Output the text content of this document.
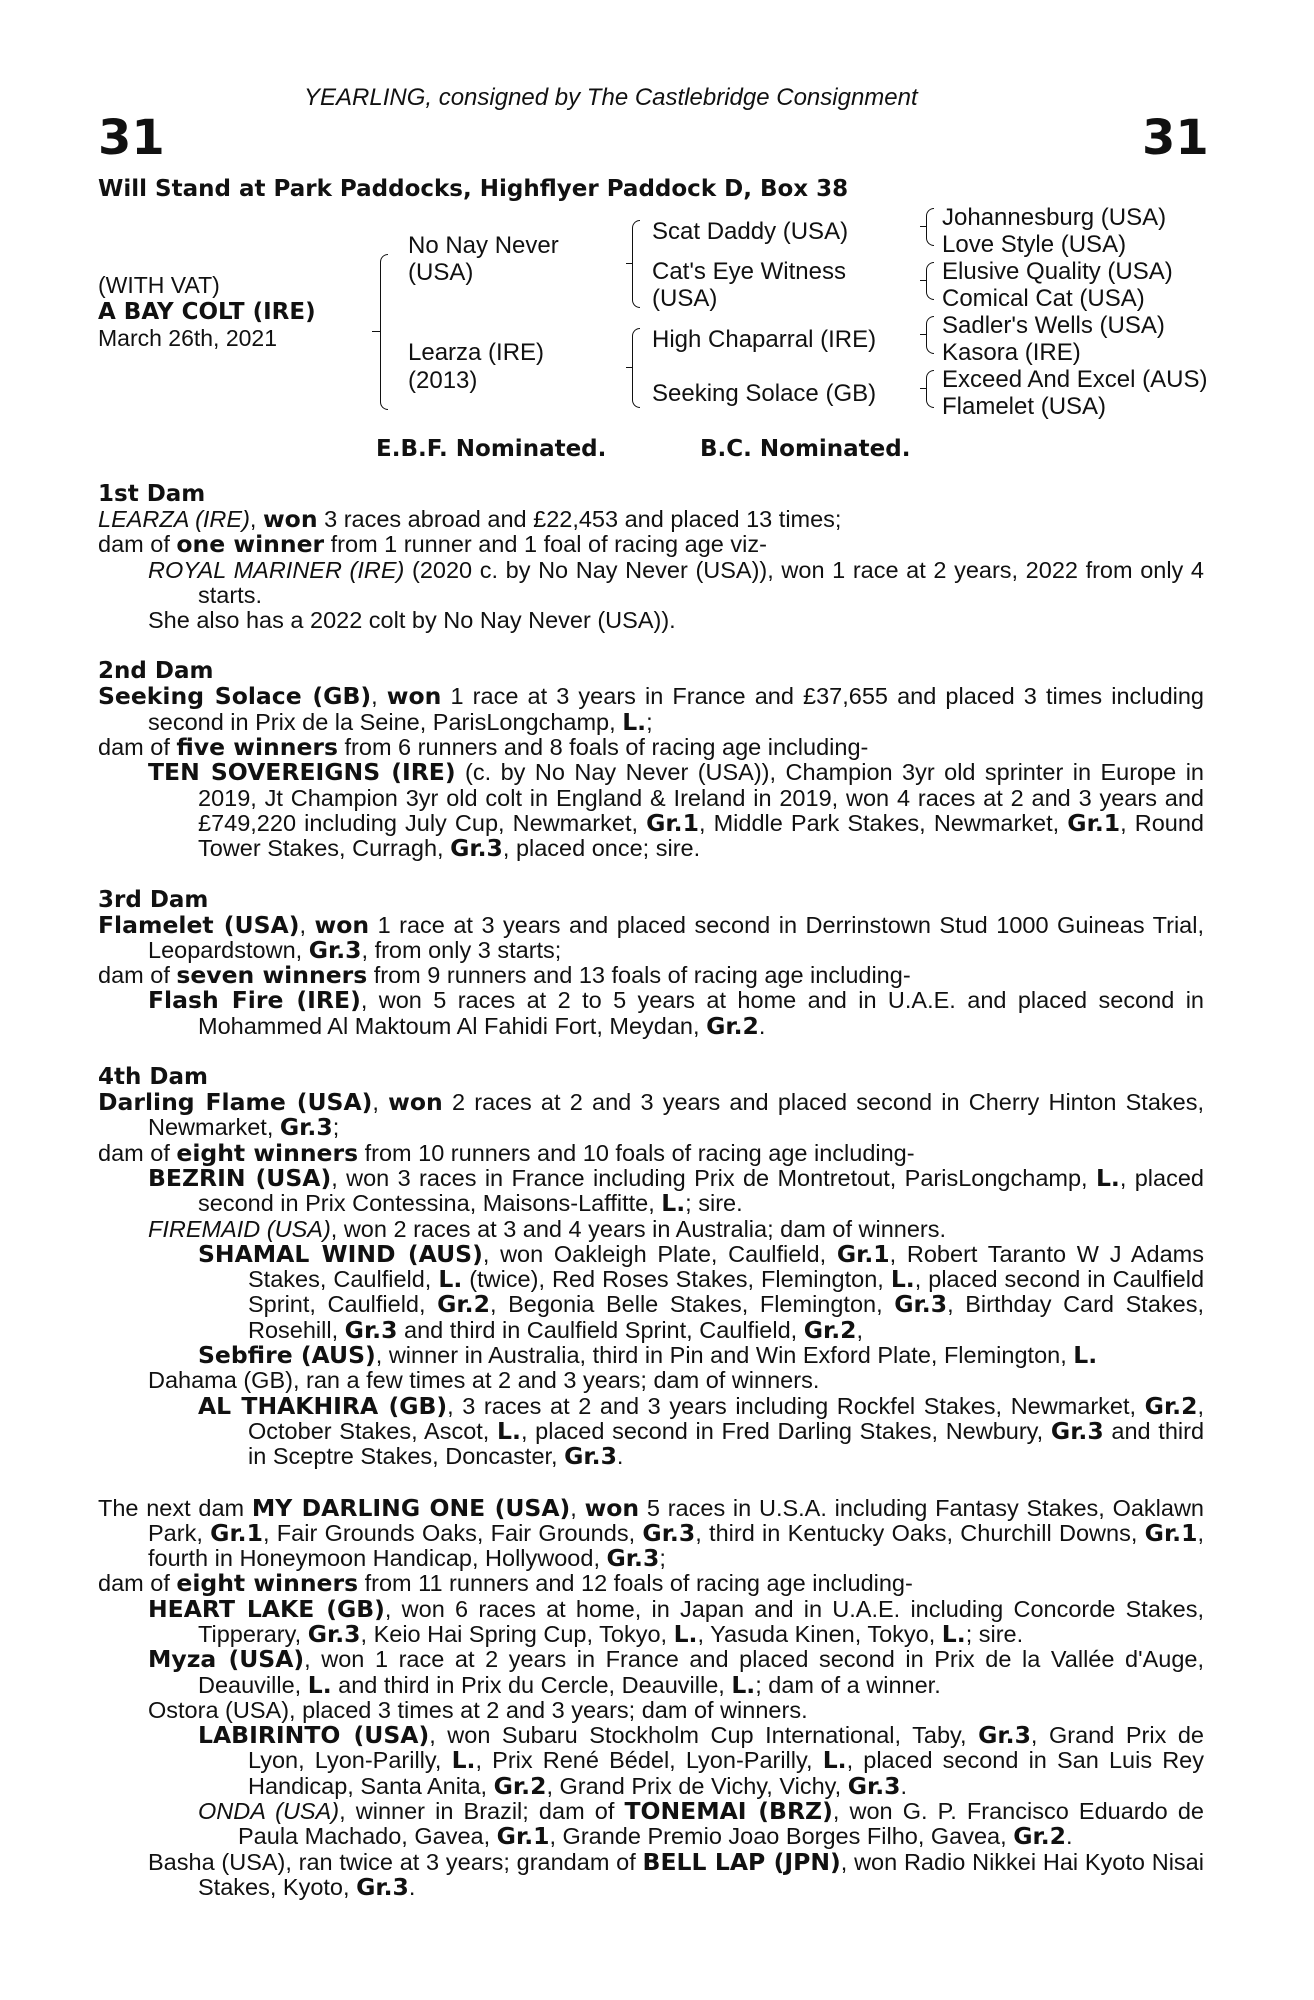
YEARLING, consigned by The Castlebridge Consignment
31	31
Will Stand at Park Paddocks, Highflyer Paddock D, Box 38
(WITH VAT)
A BAY COLT (IRE)
March 26th, 2021
No Nay Never
(USA)
Learza (IRE)
(2013)
Scat Daddy (USA)
Cat's Eye Witness
(USA)
High Chaparral (IRE)
Seeking Solace (GB)
Johannesburg (USA)
Love Style (USA)
Elusive Quality (USA)
Comical Cat (USA)
Sadler's Wells (USA)
Kasora (IRE)
Exceed And Excel (AUS)
Flamelet (USA)
E.B.F. Nominated.	B.C. Nominated.
1st Dam
LEARZA (IRE), won 3 races abroad and £22,453 and placed 13 times;
dam of one winner from 1 runner and 1 foal of racing age viz-
ROYAL MARINER (IRE) (2020 c. by No Nay Never (USA)), won 1 race at 2 years, 2022 from only 4 starts.
She also has a 2022 colt by No Nay Never (USA)).
2nd Dam
Seeking Solace (GB), won 1 race at 3 years in France and £37,655 and placed 3 times including second in Prix de la Seine, ParisLongchamp, L.;
dam of five winners from 6 runners and 8 foals of racing age including-
TEN SOVEREIGNS (IRE) (c. by No Nay Never (USA)), Champion 3yr old sprinter in Europe in 2019, Jt Champion 3yr old colt in England & Ireland in 2019, won 4 races at 2 and 3 years and £749,220 including July Cup, Newmarket, Gr.1, Middle Park Stakes, Newmarket, Gr.1, Round Tower Stakes, Curragh, Gr.3, placed once; sire.
3rd Dam
Flamelet (USA), won 1 race at 3 years and placed second in Derrinstown Stud 1000 Guineas Trial, Leopardstown, Gr.3, from only 3 starts;
dam of seven winners from 9 runners and 13 foals of racing age including-
Flash Fire (IRE), won 5 races at 2 to 5 years at home and in U.A.E. and placed second in Mohammed Al Maktoum Al Fahidi Fort, Meydan, Gr.2.
4th Dam
Darling Flame (USA), won 2 races at 2 and 3 years and placed second in Cherry Hinton Stakes, Newmarket, Gr.3;
dam of eight winners from 10 runners and 10 foals of racing age including-
BEZRIN (USA), won 3 races in France including Prix de Montretout, ParisLongchamp, L., placed second in Prix Contessina, Maisons-Laffitte, L.; sire.
FIREMAID (USA), won 2 races at 3 and 4 years in Australia; dam of winners.
SHAMAL WIND (AUS), won Oakleigh Plate, Caulfield, Gr.1, Robert Taranto W J Adams Stakes, Caulfield, L. (twice), Red Roses Stakes, Flemington, L., placed second in Caulfield Sprint, Caulfield, Gr.2, Begonia Belle Stakes, Flemington, Gr.3, Birthday Card Stakes, Rosehill, Gr.3 and third in Caulfield Sprint, Caulfield, Gr.2,
Sebfire (AUS), winner in Australia, third in Pin and Win Exford Plate, Flemington, L.
Dahama (GB), ran a few times at 2 and 3 years; dam of winners.
AL THAKHIRA (GB), 3 races at 2 and 3 years including Rockfel Stakes, Newmarket, Gr.2, October Stakes, Ascot, L., placed second in Fred Darling Stakes, Newbury, Gr.3 and third in Sceptre Stakes, Doncaster, Gr.3.
The next dam MY DARLING ONE (USA), won 5 races in U.S.A. including Fantasy Stakes, Oaklawn Park, Gr.1, Fair Grounds Oaks, Fair Grounds, Gr.3, third in Kentucky Oaks, Churchill Downs, Gr.1, fourth in Honeymoon Handicap, Hollywood, Gr.3;
dam of eight winners from 11 runners and 12 foals of racing age including-
HEART LAKE (GB), won 6 races at home, in Japan and in U.A.E. including Concorde Stakes, Tipperary, Gr.3, Keio Hai Spring Cup, Tokyo, L., Yasuda Kinen, Tokyo, L.; sire.
Myza (USA), won 1 race at 2 years in France and placed second in Prix de la Vallée d'Auge, Deauville, L. and third in Prix du Cercle, Deauville, L.; dam of a winner.
Ostora (USA), placed 3 times at 2 and 3 years; dam of winners.
LABIRINTO (USA), won Subaru Stockholm Cup International, Taby, Gr.3, Grand Prix de Lyon, Lyon-Parilly, L., Prix René Bédel, Lyon-Parilly, L., placed second in San Luis Rey Handicap, Santa Anita, Gr.2, Grand Prix de Vichy, Vichy, Gr.3.
ONDA (USA), winner in Brazil; dam of TONEMAI (BRZ), won G. P. Francisco Eduardo de Paula Machado, Gavea, Gr.1, Grande Premio Joao Borges Filho, Gavea, Gr.2.
Basha (USA), ran twice at 3 years; grandam of BELL LAP (JPN), won Radio Nikkei Hai Kyoto Nisai Stakes, Kyoto, Gr.3.
